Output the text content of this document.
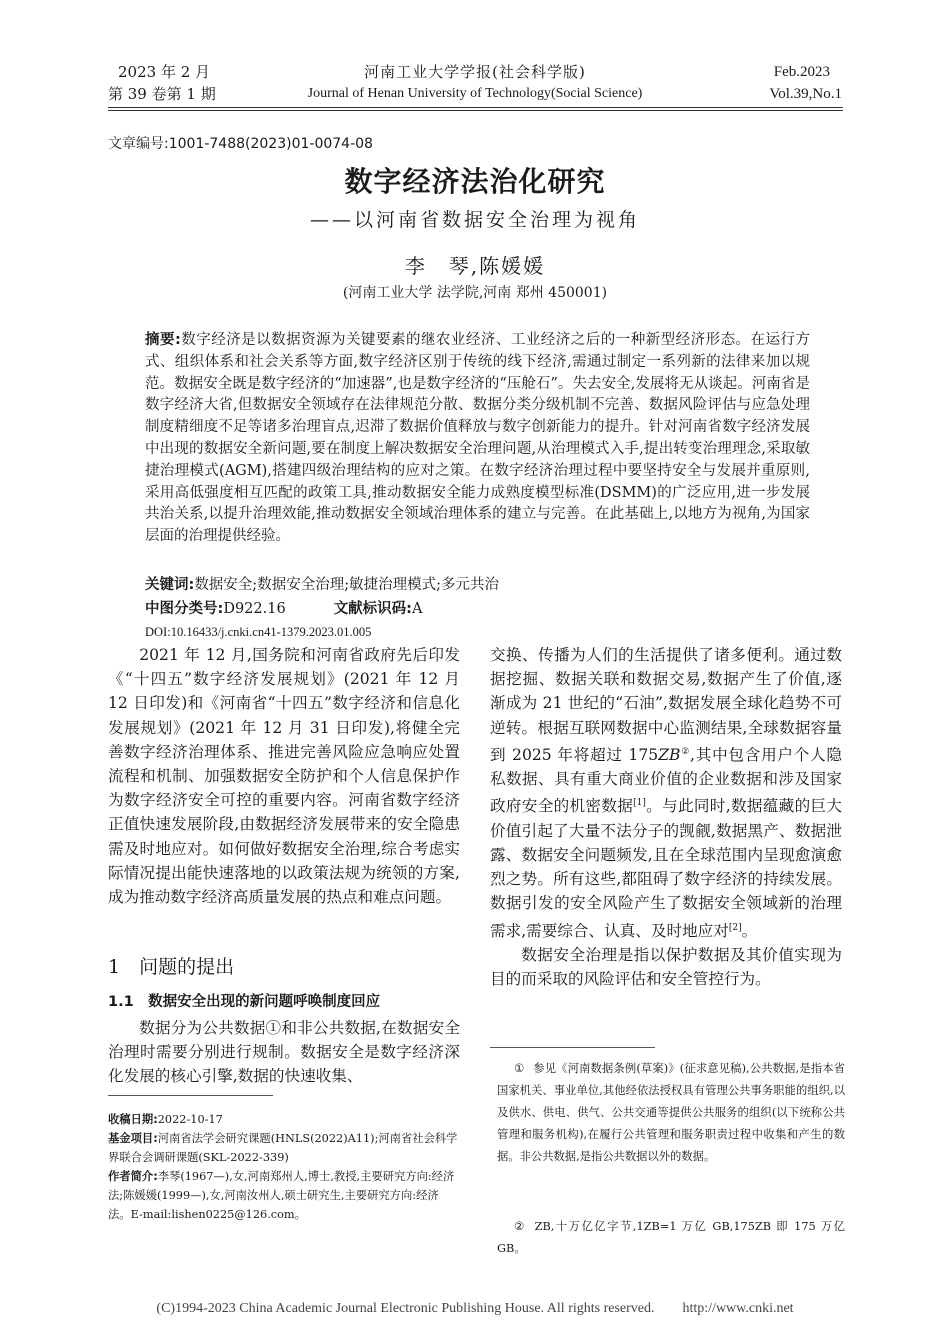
2023 年 2 月
第 39 卷第 1 期
河南工业大学学报(社会科学版)
Journal of Henan University of Technology(Social Science)
Feb.2023
Vol.39,No.1
文章编号:1001-7488(2023)01-0074-08
数字经济法治化研究
——以河南省数据安全治理为视角
李　琴,陈媛媛
(河南工业大学 法学院,河南 郑州 450001)
摘要:数字经济是以数据资源为关键要素的继农业经济、工业经济之后的一种新型经济形态。在运行方式、组织体系和社会关系等方面,数字经济区别于传统的线下经济,需通过制定一系列新的法律来加以规范。数据安全既是数字经济的“加速器”,也是数字经济的“压舱石”。失去安全,发展将无从谈起。河南省是数字经济大省,但数据安全领域存在法律规范分散、数据分类分级机制不完善、数据风险评估与应急处理制度精细度不足等诸多治理盲点,迟滞了数据价值释放与数字创新能力的提升。针对河南省数字经济发展中出现的数据安全新问题,要在制度上解决数据安全治理问题,从治理模式入手,提出转变治理理念,采取敏捷治理模式(AGM),搭建四级治理结构的应对之策。在数字经济治理过程中要坚持安全与发展并重原则,采用高低强度相互匹配的政策工具,推动数据安全能力成熟度模型标准(DSMM)的广泛应用,进一步发展共治关系,以提升治理效能,推动数据安全领域治理体系的建立与完善。在此基础上,以地方为视角,为国家层面的治理提供经验。
关键词:数据安全;数据安全治理;敏捷治理模式;多元共治
中图分类号:D922.16	文献标识码:A
DOI:10.16433/j.cnki.cn41-1379.2023.01.005

2021 年 12 月,国务院和河南省政府先后印发《“十四五”数字经济发展规划》(2021 年 12 月 12 日印发)和《河南省“十四五”数字经济和信息化发展规划》(2021 年 12 月 31 日印发),将健全完善数字经济治理体系、推进完善风险应急响应处置流程和机制、加强数据安全防护和个人信息保护作为数字经济安全可控的重要内容。河南省数字经济正值快速发展阶段,由数据经济发展带来的安全隐患需及时地应对。如何做好数据安全治理,综合考虑实际情况提出能快速落地的以政策法规为统领的方案,成为推动数字经济高质量发展的热点和难点问题。

1　问题的提出
1.1　数据安全出现的新问题呼唤制度回应

数据分为公共数据①和非公共数据,在数据安全治理时需要分别进行规制。数据安全是数字经济深化发展的核心引擎,数据的快速收集、

收稿日期:2022-10-17
基金项目:河南省法学会研究课题(HNLS(2022)A11);河南省社会科学界联合会调研课题(SKL-2022-339)
作者简介:李琴(1967—),女,河南郑州人,博士,教授,主要研究方向:经济法;陈媛媛(1999—),女,河南汝州人,硕士研究生,主要研究方向:经济法。E-mail:lishen0225@126.com。

交换、传播为人们的生活提供了诸多便利。通过数据挖掘、数据关联和数据交易,数据产生了价值,逐渐成为 21 世纪的“石油”,数据发展全球化趋势不可逆转。根据互联网数据中心监测结果,全球数据容量到 2025 年将超过 175ZB②,其中包含用户个人隐私数据、具有重大商业价值的企业数据和涉及国家政府安全的机密数据[1]。与此同时,数据蕴藏的巨大价值引起了大量不法分子的觊觎,数据黑产、数据泄露、数据安全问题频发,且在全球范围内呈现愈演愈烈之势。所有这些,都阻碍了数字经济的持续发展。数据引发的安全风险产生了数据安全领域新的治理需求,需要综合、认真、及时地应对[2]。

数据安全治理是指以保护数据及其价值实现为目的而采取的风险评估和安全管控行为。

① 参见《河南数据条例(草案)》(征求意见稿),公共数据,是指本省国家机关、事业单位,其他经依法授权具有管理公共事务职能的组织,以及供水、供电、供气、公共交通等提供公共服务的组织(以下统称公共管理和服务机构),在履行公共管理和服务职责过程中收集和产生的数据。非公共数据,是指公共数据以外的数据。
② ZB,十万亿亿字节,1ZB=1 万亿 GB,175ZB 即 175 万亿 GB。
(C)1994-2023 China Academic Journal Electronic Publishing House. All rights reserved.　　http://www.cnki.net
